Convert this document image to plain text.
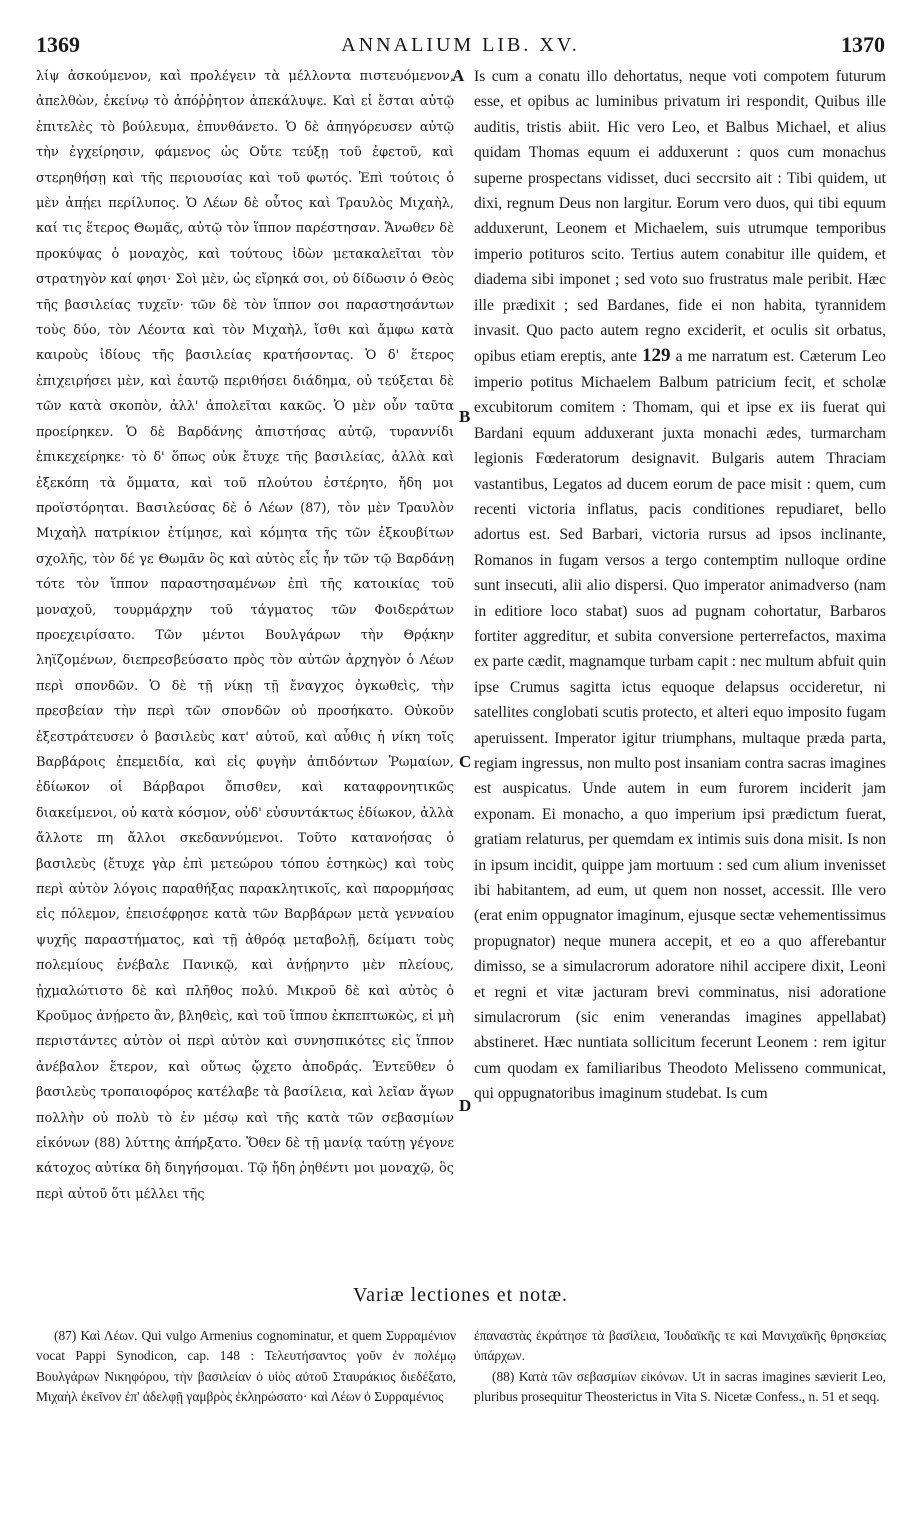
1369	ANNALIUM LIB. XV.	1370

λίψ ἀσκούμενον, καὶ προλέγειν τὰ μέλλοντα πιστευόμενον, ἀπελθὼν, ἐκείνῳ τὸ ἀπόῤῥητον ἀπεκάλυψε. Καὶ εἰ ἔσται αὐτῷ ἐπιτελὲς τὸ βούλευμα, ἐπυνθάνετο. Ὁ δὲ ἀπηγόρευσεν αὐτῷ τὴν ἐγχείρησιν, φάμενος ὡς Οὔτε τεύξῃ τοῦ ἐφετοῦ, καὶ στερηθήσῃ καὶ τῆς περιουσίας καὶ τοῦ φωτός. Ἐπὶ τούτοις ὁ μὲν ἀπῄει περίλυπος. Ὁ Λέων δὲ οὗτος καὶ Τραυλὸς Μιχαὴλ, καί τις ἕτερος Θωμᾶς, αὐτῷ τὸν ἵππον παρέστησαν. Ἄνωθεν δὲ προκύψας ὁ μοναχὸς, καὶ τούτους ἰδὼν μετακαλεῖται τὸν στρατηγὸν καί φησι· Σοὶ μὲν, ὡς εἴρηκά σοι, οὐ δίδωσιν ὁ Θεὸς τῆς βασιλείας τυχεῖν· τῶν δὲ τὸν ἵππον σοι παραστησάντων τοὺς δύο, τὸν Λέοντα καὶ τὸν Μιχαὴλ, ἴσθι καὶ ἄμφω κατὰ καιροὺς ἰδίους τῆς βασιλείας κρατήσοντας. Ὁ δ' ἕτερος ἐπιχειρήσει μὲν, καὶ ἑαυτῷ περιθήσει διάδημα, οὐ τεύξεται δὲ τῶν κατὰ σκοπὸν, ἀλλ' ἀπολεῖται κακῶς. Ὁ μὲν οὖν ταῦτα προείρηκεν. Ὁ δὲ Βαρδάνης ἀπιστήσας αὐτῷ, τυραννίδι ἐπικεχείρηκε· τὸ δ' ὅπως οὐκ ἔτυχε τῆς βασιλείας, ἀλλὰ καὶ ἐξεκόπη τὰ ὄμματα, καὶ τοῦ πλούτου ἐστέρητο, ἤδη μοι προϊστόρηται. Βασιλεύσας δὲ ὁ Λέων (87), τὸν μὲν Τραυλὸν Μιχαὴλ πατρίκιον ἐτίμησε, καὶ κόμητα τῆς τῶν ἐξκουβίτων σχολῆς, τὸν δέ γε Θωμᾶν ὃς καὶ αὐτὸς εἷς ἦν τῶν τῷ Βαρδάνῃ τότε τὸν ἵππον παραστησαμένων ἐπὶ τῆς κατοικίας τοῦ μοναχοῦ, τουρμάρχην τοῦ τάγματος τῶν Φοιδεράτων προεχειρίσατο. Τῶν μέντοι Βουλγάρων τὴν Θρᾴκην ληϊζομένων, διεπρεσβεύσατο πρὸς τὸν αὐτῶν ἀρχηγὸν ὁ Λέων περὶ σπονδῶν. Ὁ δὲ τῇ νίκῃ τῇ ἔναγχος ὀγκωθεὶς, τὴν πρεσβείαν τὴν περὶ τῶν σπονδῶν οὐ προσήκατο. Οὐκοῦν ἐξεστράτευσεν ὁ βασιλεὺς κατ' αὐτοῦ, καὶ αὖθις ἡ νίκη τοῖς Βαρβάροις ἐπεμειδία, καὶ εἰς φυγὴν ἀπιδόντων Ῥωμαίων, ἐδίωκον οἱ Βάρβαροι ὄπισθεν, καὶ καταφρονητικῶς διακείμενοι, οὐ κατὰ κόσμον, οὐδ' εὐσυντάκτως ἐδίωκον, ἀλλὰ ἄλλοτε πη ἄλλοι σκεδαννύμενοι. Τοῦτο κατανοήσας ὁ βασιλεὺς (ἔτυχε γὰρ ἐπὶ μετεώρου τόπου ἑστηκὼς) καὶ τοὺς περὶ αὐτὸν λόγοις παραθήξας παρακλητικοῖς, καὶ παρορμήσας εἰς πόλεμον, ἐπεισέφρησε κατὰ τῶν Βαρβάρων μετὰ γενναίου ψυχῆς παραστήματος, καὶ τῇ ἀθρόᾳ μεταβολῇ, δείματι τοὺς πολεμίους ἐνέβαλε Πανικῷ, καὶ ἀνῄρηντο μὲν πλείους, ᾐχμαλώτιστο δὲ καὶ πλῆθος πολύ. Μικροῦ δὲ καὶ αὐτὸς ὁ Κροῦμος ἀνῄρετο ἂν, βληθεὶς, καὶ τοῦ ἵππου ἐκπεπτωκὼς, εἰ μὴ περιστάντες αὐτὸν οἱ περὶ αὐτὸν καὶ συνησπικότες εἰς ἵππον ἀνέβαλον ἕτερον, καὶ οὕτως ᾤχετο ἀποδράς. Ἐντεῦθεν ὁ βασιλεὺς τροπαιοφόρος κατέλαβε τὰ βασίλεια, καὶ λεῖαν ἄγων πολλὴν οὐ πολὺ τὸ ἐν μέσῳ καὶ τῆς κατὰ τῶν σεβασμίων εἰκόνων (88) λύττης ἀπήρξατο. Ὅθεν δὲ τῇ μανίᾳ ταύτῃ γέγονε κάτοχος αὐτίκα δὴ διηγήσομαι. Τῷ ἤδη ῥηθέντι μοι μοναχῷ, ὃς περὶ αὐτοῦ ὅτι μέλλει τῆς

A
B
C
D

Is cum a conatu illo dehortatus, neque voti compotem futurum esse, et opibus ac luminibus privatum iri respondit, Quibus ille auditis, tristis abiit. Hic vero Leo, et Balbus Michael, et alius quidam Thomas equum ei adduxerunt : quos cum monachus superne prospectans vidisset, duci seccrsito ait : Tibi quidem, ut dixi, regnum Deus non largitur. Eorum vero duos, qui tibi equum adduxerunt, Leonem et Michaelem, suis utrumque temporibus imperio potituros scito. Tertius autem conabitur ille quidem, et diadema sibi imponet ; sed voto suo frustratus male peribit. Hæc ille prædixit ; sed Bardanes, fide ei non habita, tyrannidem invasit. Quo pacto autem regno exciderit, et oculis sit orbatus, opibus etiam ereptis, ante 129 a me narratum est. Cæterum Leo imperio potitus Michaelem Balbum patricium fecit, et scholæ excubitorum comitem : Thomam, qui et ipse ex iis fuerat qui Bardani equum adduxerant juxta monachi ædes, turmarcham legionis Fœderatorum designavit. Bulgaris autem Thraciam vastantibus, Legatos ad ducem eorum de pace misit : quem, cum recenti victoria inflatus, pacis conditiones repudiaret, bello adortus est. Sed Barbari, victoria rursus ad ipsos inclinante, Romanos in fugam versos a tergo contemptim nulloque ordine sunt insecuti, alii alio dispersi. Quo imperator animadverso (nam in editiore loco stabat) suos ad pugnam cohortatur, Barbaros fortiter aggreditur, et subita conversione perterrefactos, maxima ex parte cædit, magnamque turbam capit : nec multum abfuit quin ipse Crumus sagitta ictus equoque delapsus occideretur, ni satellites conglobati scutis protecto, et alteri equo imposito fugam aperuissent. Imperator igitur triumphans, multaque præda parta, regiam ingressus, non multo post insaniam contra sacras imagines est auspicatus. Unde autem in eum furorem inciderit jam exponam. Ei monacho, a quo imperium ipsi prædictum fuerat, gratiam relaturus, per quemdam ex intimis suis dona misit. Is non in ipsum incidit, quippe jam mortuum : sed cum alium invenisset ibi habitantem, ad eum, ut quem non nosset, accessit. Ille vero (erat enim oppugnator imaginum, ejusque sectæ vehementissimus propugnator) neque munera accepit, et eo a quo afferebantur dimisso, se a simulacrorum adoratore nihil accipere dixit, Leoni et regni et vitæ jacturam brevi comminatus, nisi adoratione simulacrorum (sic enim venerandas imagines appellabat) abstineret. Hæc nuntiata sollicitum fecerunt Leonem : rem igitur cum quodam ex familiaribus Theodoto Melisseno communicat, qui oppugnatoribus imaginum studebat. Is cum

Variæ lectiones et notæ.

(87) Καὶ Λέων. Qui vulgo Armenius cognominatur, et quem Συρραμένιον vocat Pappi Synodicon, cap. 148 : Τελευτήσαντος γοῦν ἐν πολέμῳ Βουλγάρων Νικηφόρου, τὴν βασιλείαν ὁ υἱὸς αὐτοῦ Σταυράκιος διεδέξατο, Μιχαὴλ ἐκεῖνον ἐπ' ἀδελφῇ γαμβρὸς ἐκληρώσατο· καὶ Λέων ὁ Συρραμένιος

ἐπαναστὰς ἐκράτησε τὰ βασίλεια, Ἰουδαϊκῆς τε καὶ Μανιχαϊκῆς θρησκείας ὑπάρχων.

(88) Κατὰ τῶν σεβασμίων εἰκόνων. Ut in sacras imagines sævierit Leo, pluribus prosequitur Theosterictus in Vita S. Nicetæ Confess., n. 51 et seqq.
